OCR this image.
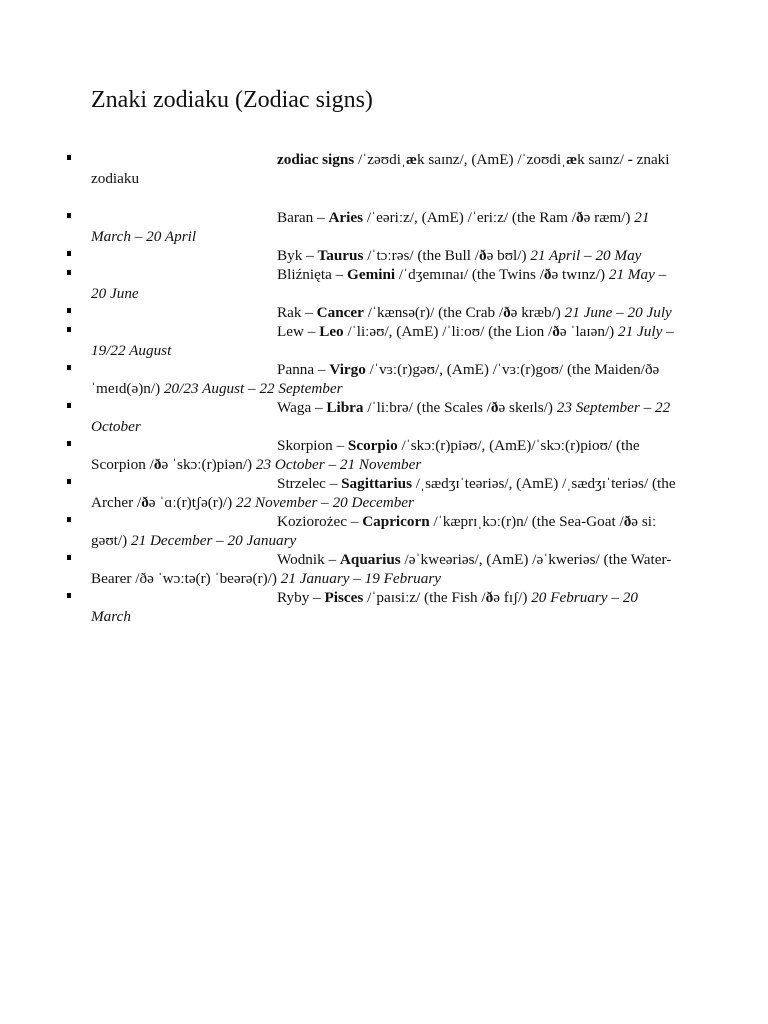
Znaki zodiaku (Zodiac signs)
zodiac signs /ˈzəʊdiˌæk saɪnz/, (AmE) /ˈzoʊdiˌæk saɪnz/ - znaki zodiaku
Baran – Aries /ˈeəriːz/, (AmE) /ˈeriːz/ (the Ram /ðə ræm/) 21 March – 20 April
Byk – Taurus /ˈtɔːrəs/ (the Bull /ðə bʊl/) 21 April – 20 May
Bliźnięta – Gemini /ˈdʒemɪnaɪ/ (the Twins /ðə twɪnz/) 21 May – 20 June
Rak – Cancer /ˈkænsə(r)/ (the Crab /ðə kræb/) 21 June – 20 July
Lew – Leo /ˈliːəʊ/, (AmE) /ˈliːoʊ/ (the Lion /ðə ˈlaɪən/) 21 July – 19/22 August
Panna – Virgo /ˈvɜː(r)gəʊ/, (AmE) /ˈvɜː(r)goʊ/ (the Maiden/ðə ˈmeɪd(ə)n/) 20/23 August – 22 September
Waga – Libra /ˈliːbrə/ (the Scales /ðə skeɪls/) 23 September – 22 October
Skorpion – Scorpio /ˈskɔː(r)piəʊ/, (AmE)/ˈskɔː(r)pioʊ/ (the Scorpion /ðə ˈskɔː(r)piən/) 23 October – 21 November
Strzelec – Sagittarius /ˌsædʒɪˈteəriəs/, (AmE) /ˌsædʒɪˈteriəs/ (the Archer /ðə ˈɑː(r)tʃə(r)/) 22 November – 20 December
Koziorożec – Capricorn /ˈkæprɪˌkɔː(r)n/ (the Sea-Goat /ðə siː gəʊt/) 21 December – 20 January
Wodnik – Aquarius /əˈkweəriəs/, (AmE) /əˈkweriəs/ (the Water-Bearer /ðə ˈwɔːtə(r) ˈbeərə(r)/) 21 January – 19 February
Ryby – Pisces /ˈpaɪsiːz/ (the Fish /ðə fɪʃ/) 20 February – 20 March
